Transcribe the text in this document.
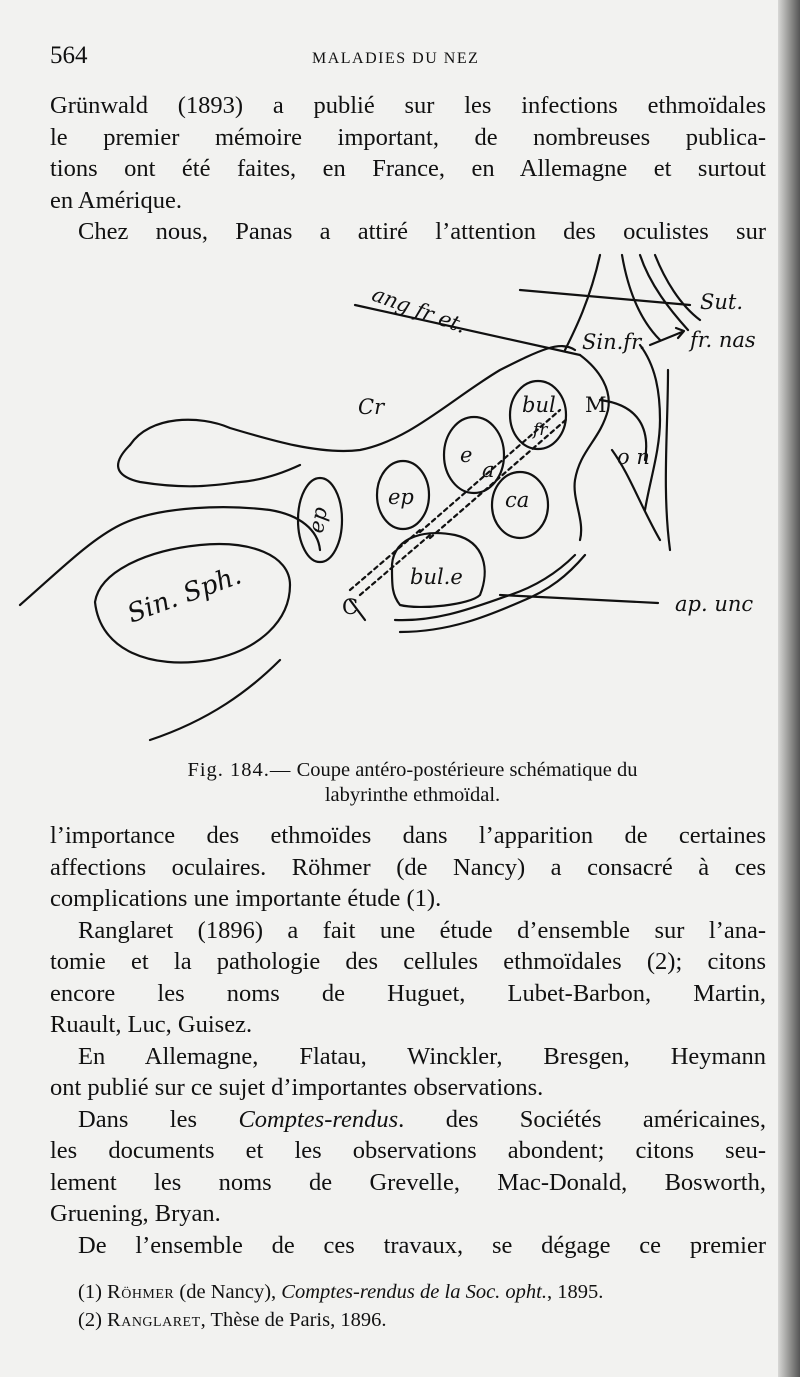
564	MALADIES DU NEZ
Grünwald (1893) a publié sur les infections ethmoïdales
le premier mémoire important, de nombreuses publica-
tions ont été faites, en France, en Allemagne et surtout
en Amérique.
Chez nous, Panas a attiré l’attention des oculistes sur
ang fr et.
Sin.fr.
Sut.
fr. nas
Cr	bul. M
fr
e
a
o n
ep
ep	ca
Sin. Sph.	bul.e
C	ap. unc
Fig. 184.— Coupe antéro-postérieure schématique du
labyrinthe ethmoïdal.
l’importance des ethmoïdes dans l’apparition de certaines
affections oculaires. Röhmer (de Nancy) a consacré à ces
complications une importante étude (1).
Ranglaret (1896) a fait une étude d’ensemble sur l’ana-
tomie et la pathologie des cellules ethmoïdales (2); citons
encore les noms de Huguet, Lubet-Barbon, Martin,
Ruault, Luc, Guisez.
En Allemagne, Flatau, Winckler, Bresgen, Heymann
ont publié sur ce sujet d’importantes observations.
Dans les Comptes-rendus. des Sociétés américaines,
les documents et les observations abondent; citons seu-
lement les noms de Grevelle, Mac-Donald, Bosworth,
Gruening, Bryan.
De l’ensemble de ces travaux, se dégage ce premier
(1) Röhmer (de Nancy), Comptes-rendus de la Soc. opht., 1895.
(2) Ranglaret, Thèse de Paris, 1896.
